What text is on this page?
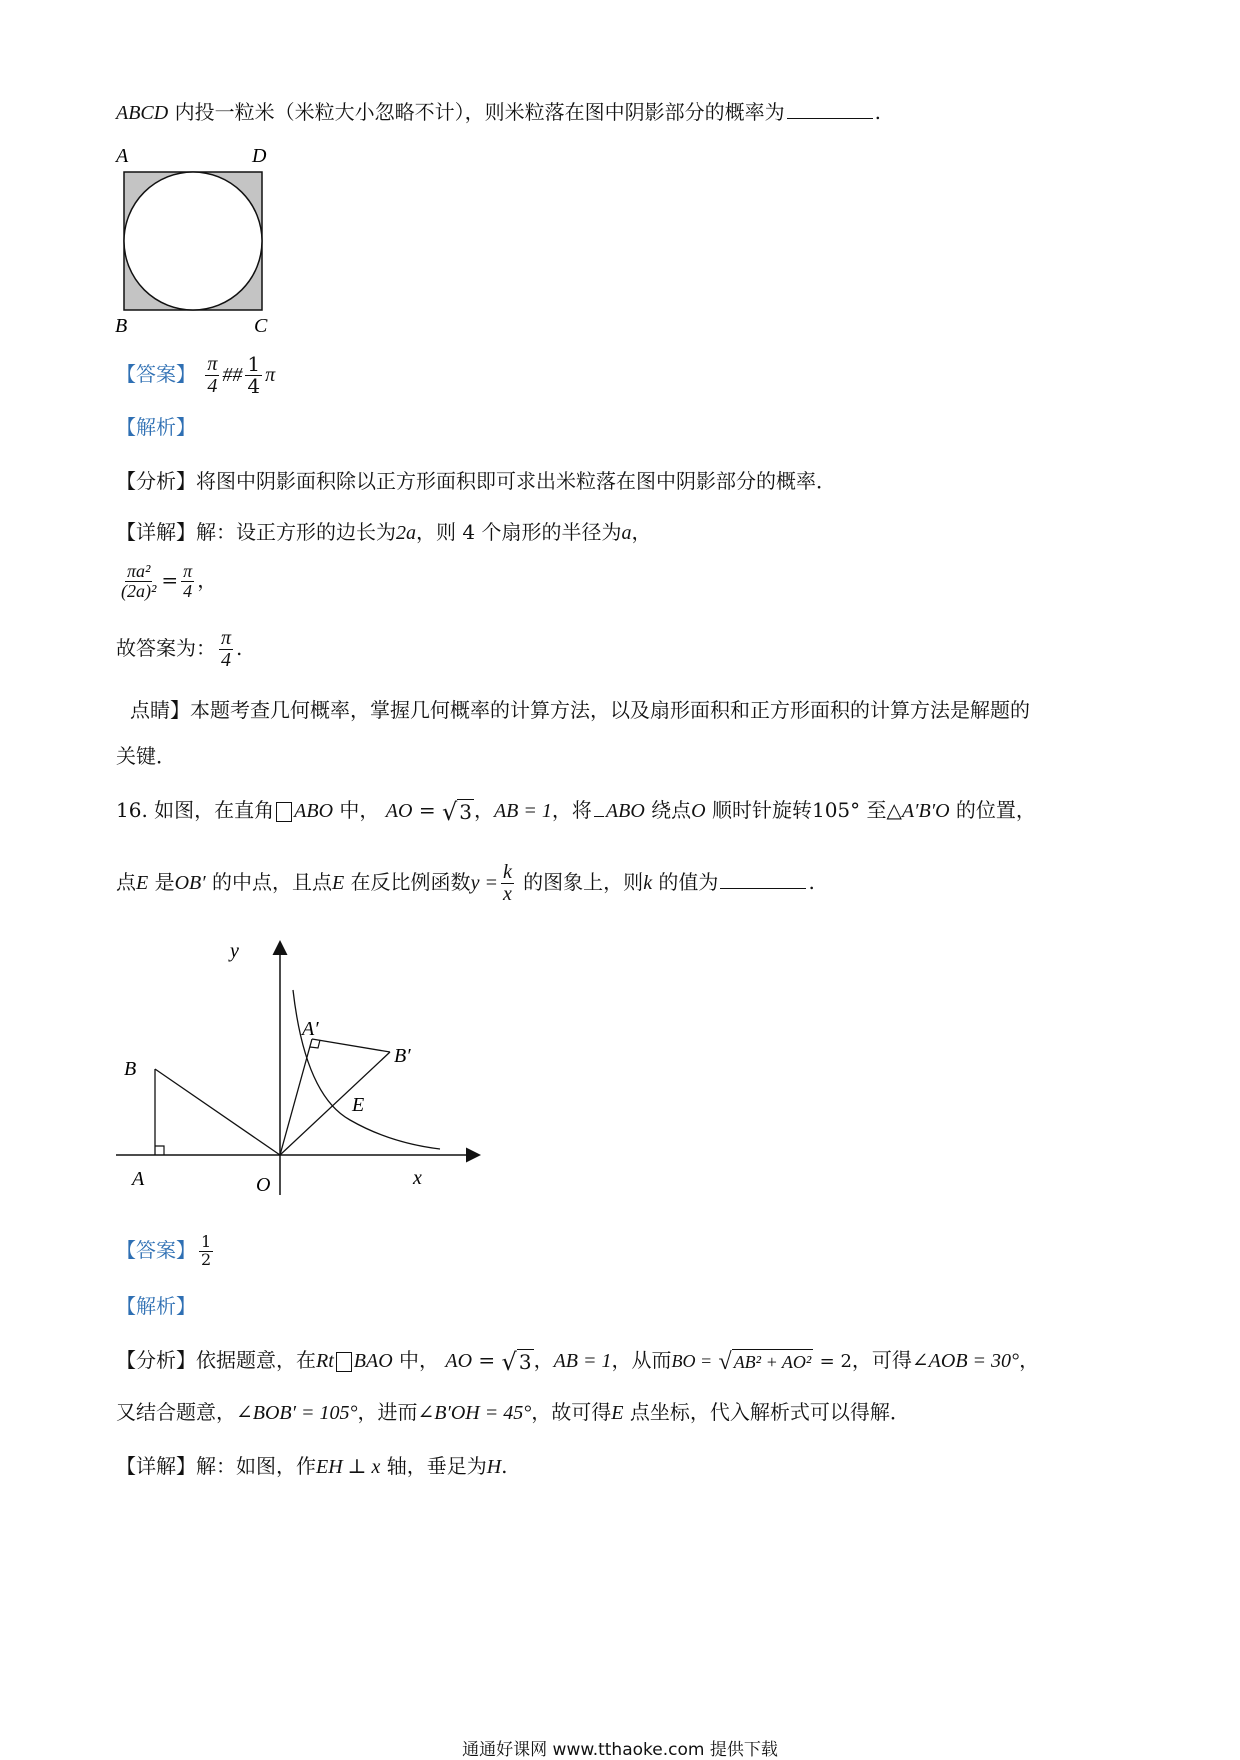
ABCD 内投一粒米（米粒大小忽略不计），则米粒落在图中阴影部分的概率为	.
A	D
B	C
【答案】 $\frac{\pi}{4}$ ## $\frac{1}{4}$ π
【解析】
【分析】将图中阴影面积除以正方形面积即可求出米粒落在图中阴影部分的概率．
【详解】解：设正方形的边长为2a，则 4 个扇形的半径为a，
$\frac{\text{πa²}}{\text{(2a)²}} = \frac{\pi}{4}$ ，
故答案为： $\frac{\pi}{4}$ .
点睛】本题考查几何概率，掌握几何概率的计算方法，以及扇形面积和正方形面积的计算方法是解题的
关键．
16. 如图，在直角 ABO 中， AO = √ 3 ，AB = 1，将 ABO 绕点O 顺时针旋转105° 至△A′B′O 的位置，
点E 是OB′ 的中点，且点E 在反比例函数$y = \frac{k}{x}$ 的图象上，则k 的值为	.
y
x
B
A	O
A′
B′
E
【答案】 $\frac{1}{2}$
【解析】
【分析】依据题意，在Rt BAO 中， AO = √ 3 ，AB = 1，从而BO = √ AB² + AO² = 2，可得∠AOB = 30°，
又结合题意，∠BOB′ = 105°，进而∠B′OH = 45°，故可得E 点坐标，代入解析式可以得解．
【详解】解：如图，作EH ⊥ x 轴，垂足为H.
通通好课网 www.tthaoke.com 提供下载
